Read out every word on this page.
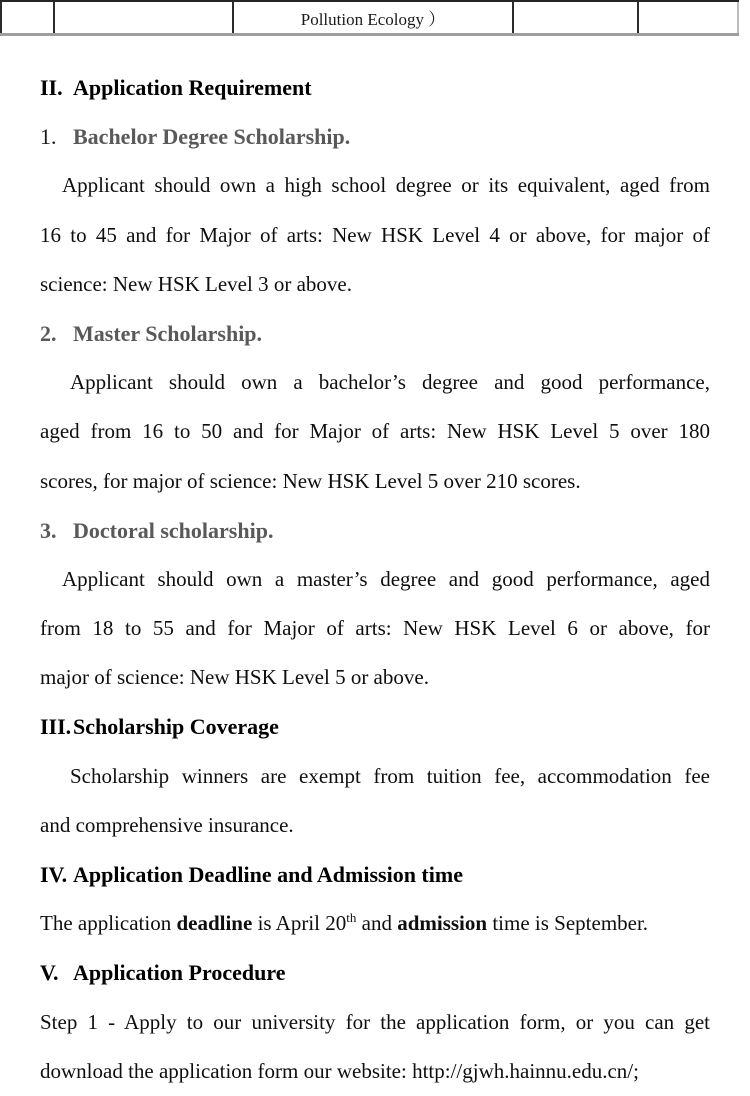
Pollution Ecology ）
II. Application Requirement
1. Bachelor Degree Scholarship.
Applicant should own a high school degree or its equivalent, aged from
16 to 45 and for Major of arts: New HSK Level 4 or above, for major of
science: New HSK Level 3 or above.
2. Master Scholarship.
Applicant should own a bachelor’s degree and good performance,
aged from 16 to 50 and for Major of arts: New HSK Level 5 over 180
scores, for major of science: New HSK Level 5 over 210 scores.
3. Doctoral scholarship.
Applicant should own a master’s degree and good performance, aged
from 18 to 55 and for Major of arts: New HSK Level 6 or above, for
major of science: New HSK Level 5 or above.
III. Scholarship Coverage
Scholarship winners are exempt from tuition fee, accommodation fee
and comprehensive insurance.
IV. Application Deadline and Admission time
The application deadline is April 20th and admission time is September.
V. Application Procedure
Step 1 - Apply to our university for the application form, or you can get
download the application form our website: http://gjwh.hainnu.edu.cn/;
